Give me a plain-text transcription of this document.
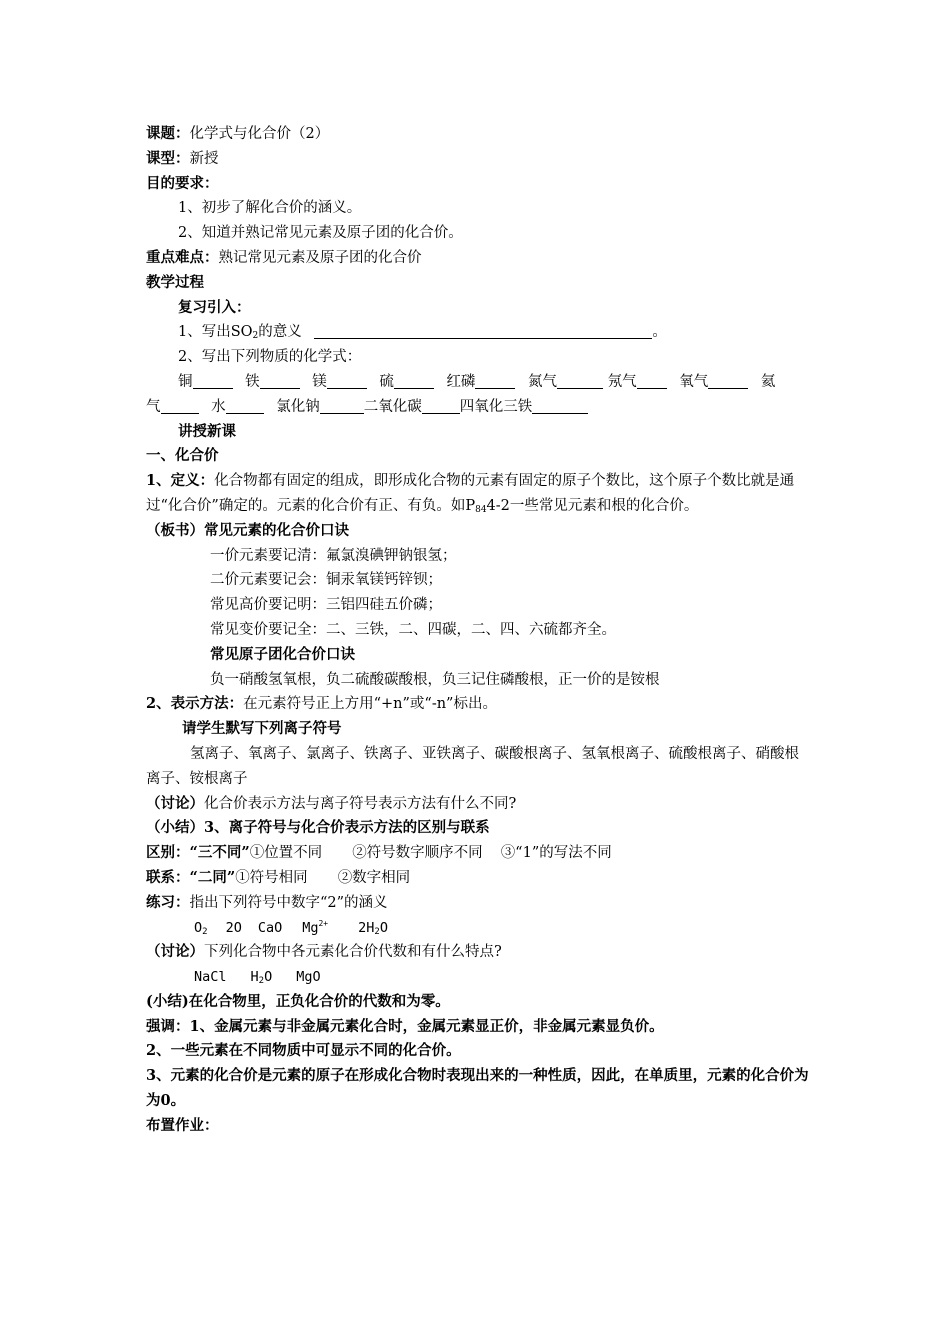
课题：化学式与化合价（2）
课型：新授
目的要求：
1、初步了解化合价的涵义。
2、知道并熟记常见元素及原子团的化合价。
重点难点：熟记常见元素及原子团的化合价
教学过程
复习引入：
1、写出$SO_2$的意义	。
2、写出下列物质的化学式：
铜	铁	镁	硫	红磷	氮气	氖气	氧气	氦
气	水	氯化钠	二氧化碳	四氧化三铁
讲授新课
一、化合价
1、定义：化合物都有固定的组成，即形成化合物的元素有固定的原子个数比，这个原子个数比就是通过“化合价”确定的。元素的化合价有正、有负。如$P_{84}4-2$一些常见元素和根的化合价。
（板书）常见元素的化合价口诀
一价元素要记清：氟氯溴碘钾钠银氢；
二价元素要记会：铜汞氧镁钙锌钡；
常见高价要记明：三铝四硅五价磷；
常见变价要记全：二、三铁，二、四碳，二、四、六硫都齐全。
常见原子团化合价口诀
负一硝酸氢氧根，负二硫酸碳酸根，负三记住磷酸根，正一价的是铵根
2、表示方法：在元素符号正上方用“+n”或“-n”标出。
请学生默写下列离子符号
氢离子、氧离子、氯离子、铁离子、亚铁离子、碳酸根离子、氢氧根离子、硫酸根离子、硝酸根离子、铵根离子
（讨论）化合价表示方法与离子符号表示方法有什么不同?
（小结）3、离子符号与化合价表示方法的区别与联系
区别：“三不同”①位置不同 ②符号数字顺序不同 ③“1”的写法不同
联系：“二同”①符号相同 ②数字相同
练习：指出下列符号中数字“2”的涵义
$O_2$ 2O CaO $Mg^{2+}$ $2H_2O$
（讨论）下列化合物中各元素化合价代数和有什么特点?
NaCl $H_2O$ MgO
(小结)在化合物里，正负化合价的代数和为零。
强调：1、金属元素与非金属元素化合时，金属元素显正价，非金属元素显负价。
2、一些元素在不同物质中可显示不同的化合价。
3、元素的化合价是元素的原子在形成化合物时表现出来的一种性质，因此，在单质里，元素的化合价为为0。
布置作业：
